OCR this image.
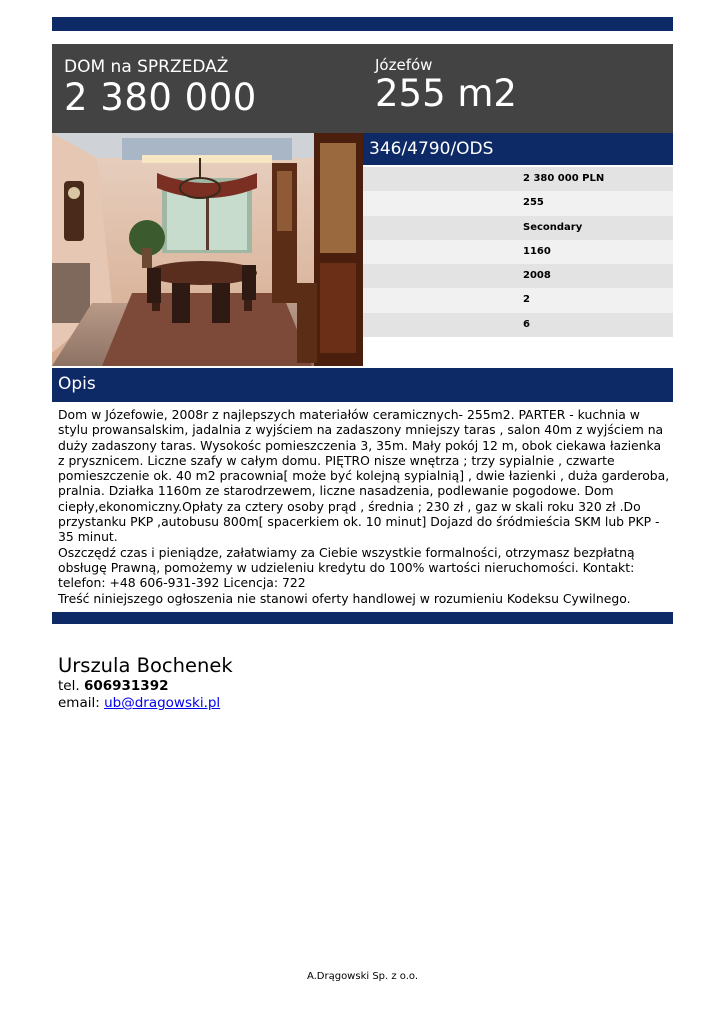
DOM na SPRZEDAŻ
2 380 000
Józefów
255 m2
346/4790/ODS
2 380 000 PLN
255
Secondary
1160
2008
2
6
Opis

Dom w Józefowie, 2008r z najlepszych materiałów ceramicznych- 255m2. PARTER - kuchnia w stylu prowansalskim, jadalnia z wyjściem na zadaszony mniejszy taras , salon 40m z wyjściem na duży zadaszony taras. Wysokośc pomieszczenia 3, 35m. Mały pokój 12 m, obok ciekawa łazienka z prysznicem. Liczne szafy w całym domu. PIĘTRO nisze wnętrza ; trzy sypialnie , czwarte pomieszczenie ok. 40 m2 pracownia[ może być kolejną sypialnią] , dwie łazienki , duża garderoba, pralnia. Działka 1160m ze starodrzewem, liczne nasadzenia, podlewanie pogodowe. Dom ciepły,ekonomiczny.Opłaty za cztery osoby prąd , średnia ; 230 zł , gaz w skali roku 320 zł .Do przystanku PKP ,autobusu 800m[ spacerkiem ok. 10 minut] Dojazd do śródmieścia SKM lub PKP - 35 minut.

Oszczędź czas i pieniądze, załatwiamy za Ciebie wszystkie formalności, otrzymasz bezpłatną obsługę Prawną, pomożemy w udzieleniu kredytu do 100% wartości nieruchomości. Kontakt: telefon: +48 606-931-392 Licencja: 722

Treść niniejszego ogłoszenia nie stanowi oferty handlowej w rozumieniu Kodeksu Cywilnego.

Urszula Bochenek
tel. 606931392
email: ub@dragowski.pl
A.Drągowski Sp. z o.o.
